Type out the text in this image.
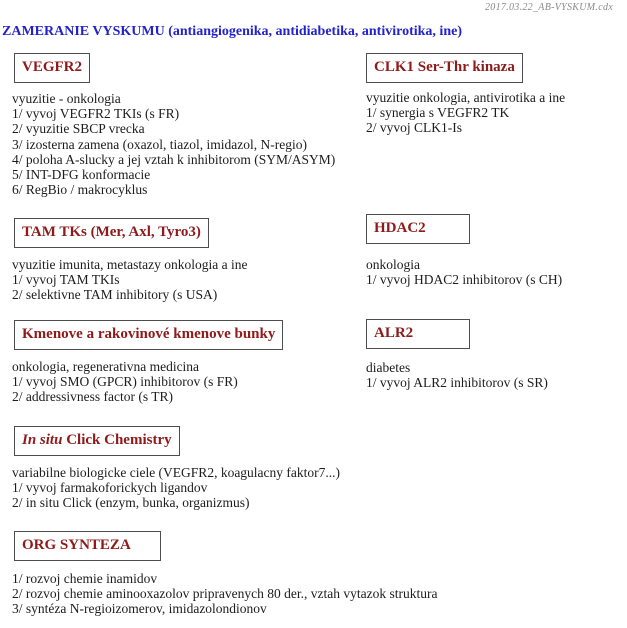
2017.03.22_AB-VYSKUM.cdx
ZAMERANIE VYSKUMU (antiangiogenika, antidiabetika, antivirotika, ine)
VEGFR2
vyuzitie - onkologia
1/ vyvoj VEGFR2 TKIs (s FR)
2/ vyuzitie SBCP vrecka
3/ izosterna zamena (oxazol, tiazol, imidazol, N-regio)
4/ poloha A-slucky a jej vztah k inhibitorom (SYM/ASYM)
5/ INT-DFG konformacie
6/ RegBio / makrocyklus
TAM TKs (Mer, Axl, Tyro3)
vyuzitie imunita, metastazy onkologia a ine
1/ vyvoj TAM TKIs
2/ selektivne TAM inhibitory (s USA)
Kmenove a rakovinové kmenove bunky
onkologia, regenerativna medicina
1/ vyvoj SMO (GPCR) inhibitorov (s FR)
2/ addressivness factor (s TR)
In situ Click Chemistry
variabilne biologicke ciele (VEGFR2, koagulacny faktor7...)
1/ vyvoj farmakoforickych ligandov
2/ in situ Click (enzym, bunka, organizmus)
ORG SYNTEZA
1/ rozvoj chemie inamidov
2/ rozvoj chemie aminooxazolov pripravenych 80 der., vztah vytazok struktura
3/ syntéza N-regioizomerov, imidazolondionov
CLK1 Ser-Thr kinaza
vyuzitie onkologia, antivirotika a ine
1/ synergia s VEGFR2 TK
2/ vyvoj CLK1-Is
HDAC2
onkologia
1/ vyvoj HDAC2 inhibitorov (s CH)
ALR2
diabetes
1/ vyvoj ALR2 inhibitorov (s SR)
